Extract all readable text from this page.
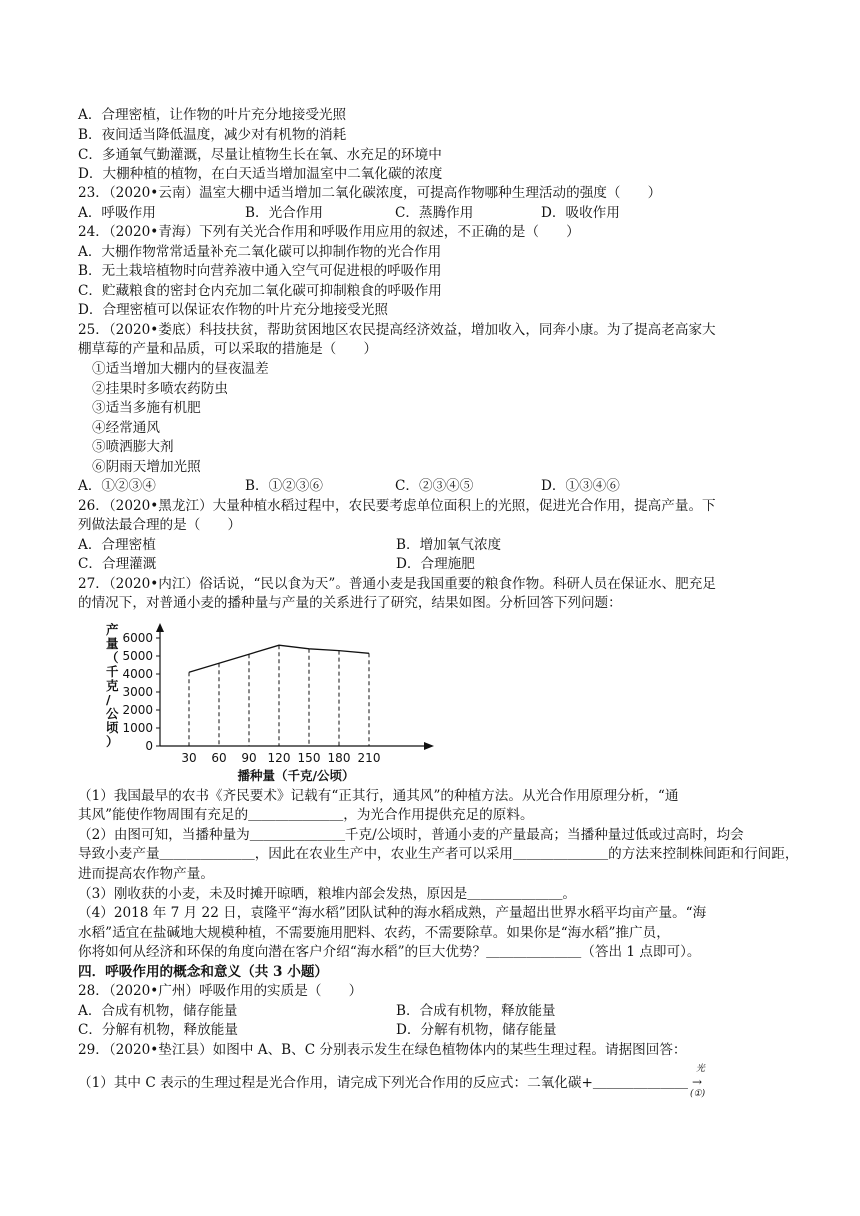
A．合理密植，让作物的叶片充分地接受光照
B．夜间适当降低温度，减少对有机物的消耗
C．多通氧气勤灌溉，尽量让植物生长在氧、水充足的环境中
D．大棚种植的植物，在白天适当增加温室中二氧化碳的浓度
23．（2020•云南）温室大棚中适当增加二氧化碳浓度，可提高作物哪种生理活动的强度（　　）
A．呼吸作用	B．光合作用	C．蒸腾作用	D．吸收作用
24．（2020•青海）下列有关光合作用和呼吸作用应用的叙述，不正确的是（　　）
A．大棚作物常常适量补充二氧化碳可以抑制作物的光合作用
B．无土栽培植物时向营养液中通入空气可促进根的呼吸作用
C．贮藏粮食的密封仓内充加二氧化碳可抑制粮食的呼吸作用
D．合理密植可以保证农作物的叶片充分地接受光照
25．（2020•娄底）科技扶贫，帮助贫困地区农民提高经济效益，增加收入，同奔小康。为了提高老高家大
棚草莓的产量和品质，可以采取的措施是（　　）
①适当增加大棚内的昼夜温差
②挂果时多喷农药防虫
③适当多施有机肥
④经常通风
⑤喷洒膨大剂
⑥阴雨天增加光照
A．①②③④	B．①②③⑥	C．②③④⑤	D．①③④⑥
26．（2020•黑龙江）大量种植水稻过程中，农民要考虑单位面积上的光照，促进光合作用，提高产量。下
列做法最合理的是（　　）
A．合理密植	B．增加氧气浓度
C．合理灌溉	D．合理施肥
27．（2020•内江）俗话说，“民以食为天”。普通小麦是我国重要的粮食作物。科研人员在保证水、肥充足
的情况下，对普通小麦的播种量与产量的关系进行了研究，结果如图。分析回答下列问题：
0
1000
2000
3000
4000
5000
6000
30 60 90 120 150 180 210
播种量（千克/公顷）
产量（千克/公顷）
（1）我国最早的农书《齐民要术》记载有“正其行，通其风”的种植方法。从光合作用原理分析，“通
其风”能使作物周围有充足的＿＿＿＿＿＿＿，为光合作用提供充足的原料。
（2）由图可知，当播种量为＿＿＿＿＿＿＿千克/公顷时，普通小麦的产量最高；当播种量过低或过高时，均会
导致小麦产量＿＿＿＿＿＿＿，因此在农业生产中，农业生产者可以采用＿＿＿＿＿＿＿的方法来控制株间距和行间距，
进而提高农作物产量。
（3）刚收获的小麦，未及时摊开晾晒，粮堆内部会发热，原因是＿＿＿＿＿＿＿。
（4）2018 年 7 月 22 日，袁隆平“海水稻”团队试种的海水稻成熟，产量超出世界水稻平均亩产量。“海
水稻”适宜在盐碱地大规模种植，不需要施用肥料、农药，不需要除草。如果你是“海水稻”推广员，
你将如何从经济和环保的角度向潜在客户介绍“海水稻”的巨大优势？＿＿＿＿＿＿＿（答出 1 点即可）。
四．呼吸作用的概念和意义（共 3 小题）
28．（2020•广州）呼吸作用的实质是（　　）
A．合成有机物，储存能量	B．合成有机物，释放能量
C．分解有机物，释放能量	D．分解有机物，储存能量
29．（2020•垫江县）如图中 A、B、C 分别表示发生在绿色植物体内的某些生理过程。请据图回答：
（1）其中 C 表示的生理过程是光合作用，请完成下列光合作用的反应式：二氧化碳+＿＿＿＿＿＿＿
光
→
(①)
